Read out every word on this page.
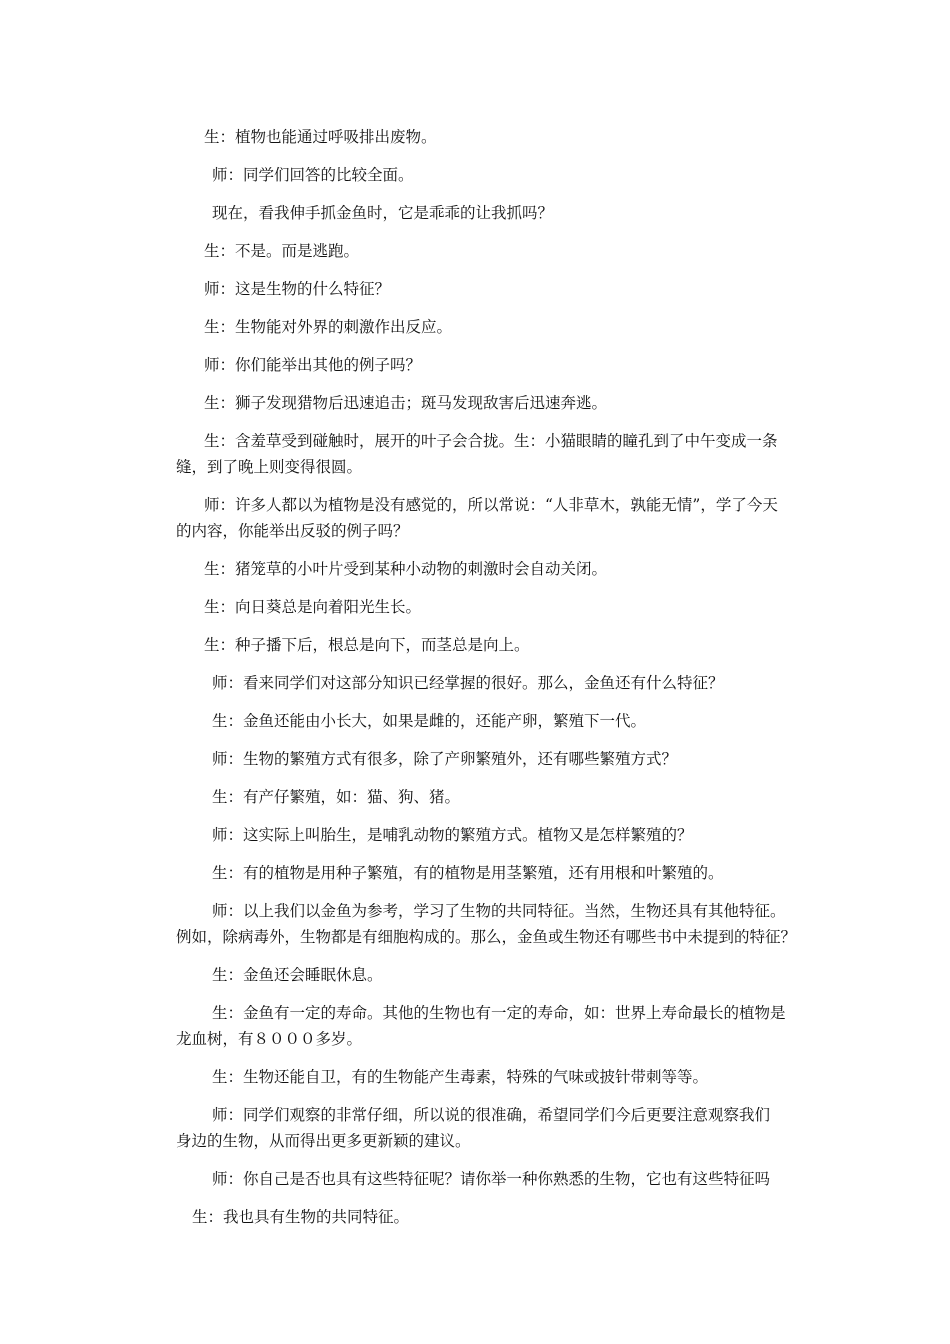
生：植物也能通过呼吸排出废物。
师：同学们回答的比较全面。
现在，看我伸手抓金鱼时，它是乖乖的让我抓吗？
生：不是。而是逃跑。
师：这是生物的什么特征？
生：生物能对外界的刺激作出反应。
师：你们能举出其他的例子吗？
生：狮子发现猎物后迅速追击；斑马发现敌害后迅速奔逃。
生：含羞草受到碰触时，展开的叶子会合拢。生：小猫眼睛的瞳孔到了中午变成一条
缝，到了晚上则变得很圆。
师：许多人都以为植物是没有感觉的，所以常说：“人非草木，孰能无情”，学了今天
的内容，你能举出反驳的例子吗？
生：猪笼草的小叶片受到某种小动物的刺激时会自动关闭。
生：向日葵总是向着阳光生长。
生：种子播下后，根总是向下，而茎总是向上。
师：看来同学们对这部分知识已经掌握的很好。那么，金鱼还有什么特征？
生：金鱼还能由小长大，如果是雌的，还能产卵，繁殖下一代。
师：生物的繁殖方式有很多，除了产卵繁殖外，还有哪些繁殖方式？
生：有产仔繁殖，如：猫、狗、猪。
师：这实际上叫胎生，是哺乳动物的繁殖方式。植物又是怎样繁殖的？
生：有的植物是用种子繁殖，有的植物是用茎繁殖，还有用根和叶繁殖的。
师：以上我们以金鱼为参考，学习了生物的共同特征。当然，生物还具有其他特征。
例如，除病毒外，生物都是有细胞构成的。那么，金鱼或生物还有哪些书中未提到的特征？
生：金鱼还会睡眠休息。
生：金鱼有一定的寿命。其他的生物也有一定的寿命，如：世界上寿命最长的植物是
龙血树，有８０００多岁。
生：生物还能自卫，有的生物能产生毒素，特殊的气味或披针带刺等等。
师：同学们观察的非常仔细，所以说的很准确，希望同学们今后更要注意观察我们
身边的生物，从而得出更多更新颖的建议。
师：你自己是否也具有这些特征呢？请你举一种你熟悉的生物，它也有这些特征吗
生：我也具有生物的共同特征。
